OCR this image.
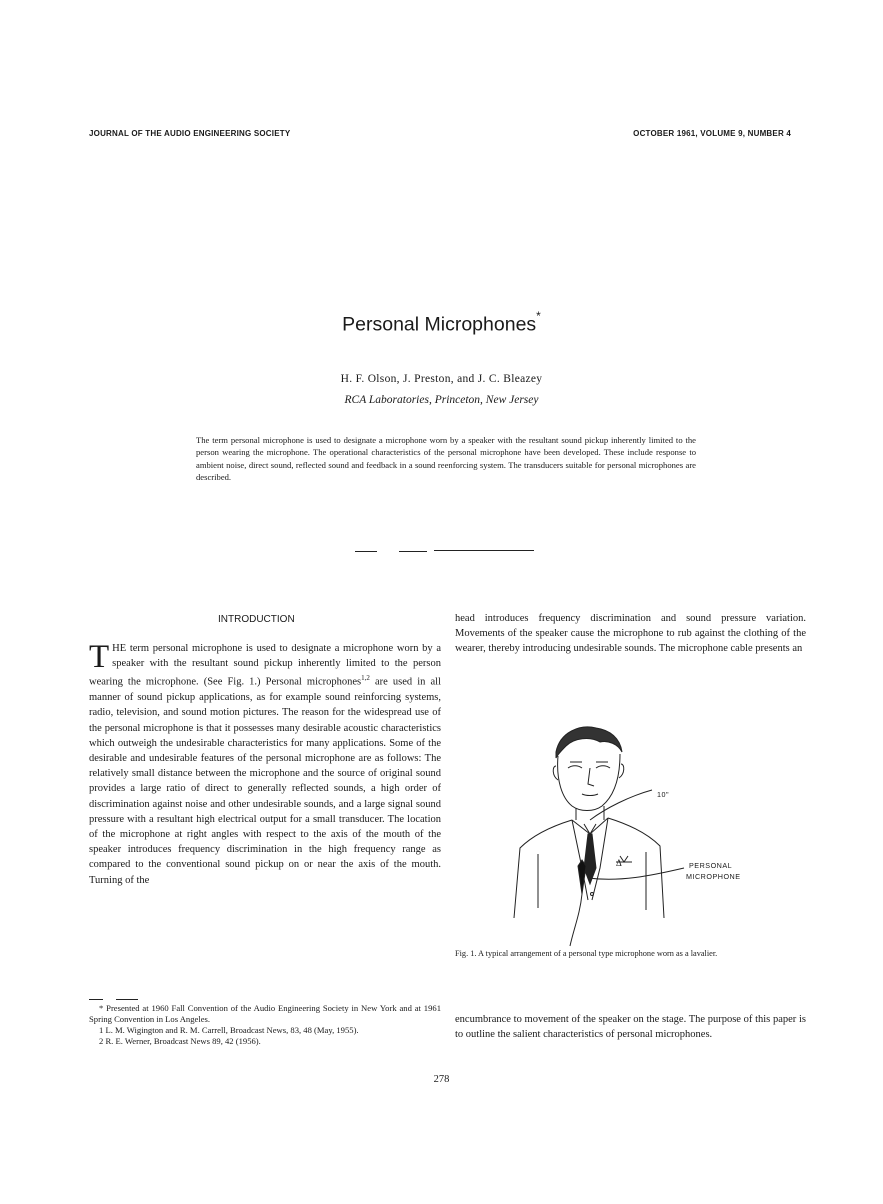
JOURNAL OF THE AUDIO ENGINEERING SOCIETY	OCTOBER 1961, VOLUME 9, NUMBER 4
Personal Microphones*
H. F. Olson, J. Preston, and J. C. Bleazey
RCA Laboratories, Princeton, New Jersey
The term personal microphone is used to designate a microphone worn by a speaker with the resultant sound pickup inherently limited to the person wearing the microphone. The operational characteristics of the personal microphone have been developed. These include response to ambient noise, direct sound, reflected sound and feedback in a sound reenforcing system. The transducers suitable for personal microphones are described.
INTRODUCTION
THE term personal microphone is used to designate a microphone worn by a speaker with the resultant sound pickup inherently limited to the person wearing the microphone. (See Fig. 1.) Personal microphones$^{1,2}$ are used in all manner of sound pickup applications, as for example sound reinforcing systems, radio, television, and sound motion pictures. The reason for the widespread use of the personal microphone is that it possesses many desirable acoustic characteristics which outweigh the undesirable characteristics for many applications. Some of the desirable and undesirable features of the personal microphone are as follows: The relatively small distance between the microphone and the source of original sound provides a large ratio of direct to generally reflected sounds, a high order of discrimination against noise and other undesirable sounds, and a large signal sound pressure with a resultant high electrical output for a small transducer. The location of the microphone at right angles with respect to the axis of the mouth of the speaker introduces frequency discrimination in the high frequency range as compared to the conventional sound pickup on or near the axis of the mouth. Turning of the
head introduces frequency discrimination and sound pressure variation. Movements of the speaker cause the microphone to rub against the clothing of the wearer, thereby introducing undesirable sounds. The microphone cable presents an
10"
Δ	PERSONAL
MICROPHONE
Fig. 1. A typical arrangement of a personal type microphone worn as a lavalier.
encumbrance to movement of the speaker on the stage. The purpose of this paper is to outline the salient characteristics of personal microphones.

* Presented at 1960 Fall Convention of the Audio Engineering Society in New York and at 1961 Spring Convention in Los Angeles.

1 L. M. Wigington and R. M. Carrell, Broadcast News, 83, 48 (May, 1955).

2 R. E. Werner, Broadcast News 89, 42 (1956).

278
